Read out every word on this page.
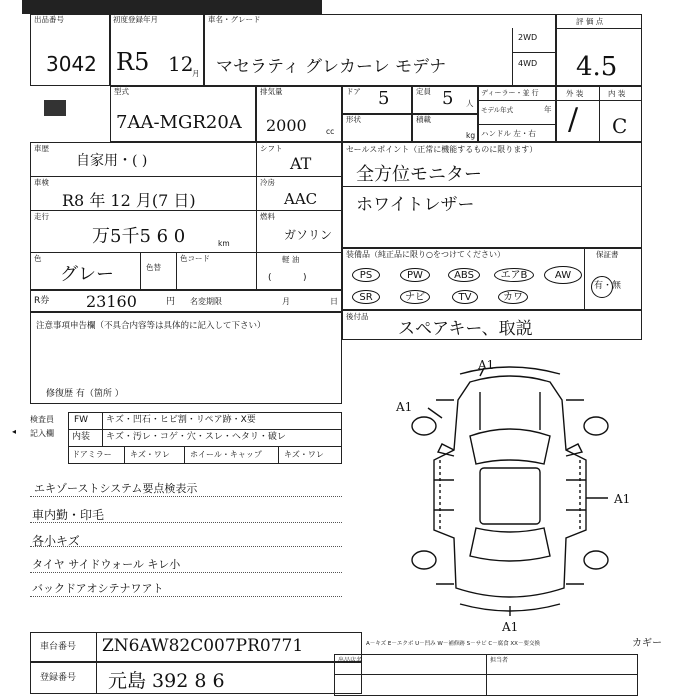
出品番号
3042
初度登録年月
R5 12
月
車名・グレード
マセラティ グレカーレ モデナ
2WD
4WD
評 価 点
4.5
型式
7AA-MGR20A
排気量
2000	cc
ドア 5	定員 5 人
形状	積載
kg
ディーラー・並 行
モデル年式	年
ハンドル 左・右
外 装	内 装
/ C
車歴
自家用・( )
シフト
AT
車検
R8 年 12 月(7 日)
冷房
AAC
走行
万5千5 6 0	km
燃料
ガソリン
色
グレー	色替
色コード	軽 油
(           )
R券 23160	円 名変期限	月	日
セールスポイント（正常に機能するものに限ります）
全方位モニター
ホワイトレザー
装備品（純正品に限り○をつけてください）	保証書
PS	PW	ABS	エアB	AW
SR	ナビ	TV	カワ
有・無
後付品
スペアキー、取説
注意事項申告欄（不具合内容等は具体的に記入して下さい）
修復歴 有（箇所 ）
◂
検査員
記入欄
FW キズ・凹石・ヒビ割・リペア跡・X要
内装 キズ・汚レ・コゲ・穴・スレ・ヘタリ・破レ
ドアミラー キズ・ワレ	ホイール・キャップ	キズ・ワレ
エキゾーストシステム要点検表示
車内勤・印毛
各小キズ
タイヤ サイドウォール キレ小
バックドアオシテナワアト
A1
A1
A1
A1
車台番号 ZN6AW82C007PR0771
登録番号 元島 392 8 6
A－キズ E－エクボ U－凹み W－補修跡 S－サビ C－腐食 XX－要交換	カギー
出品店名	担当者
